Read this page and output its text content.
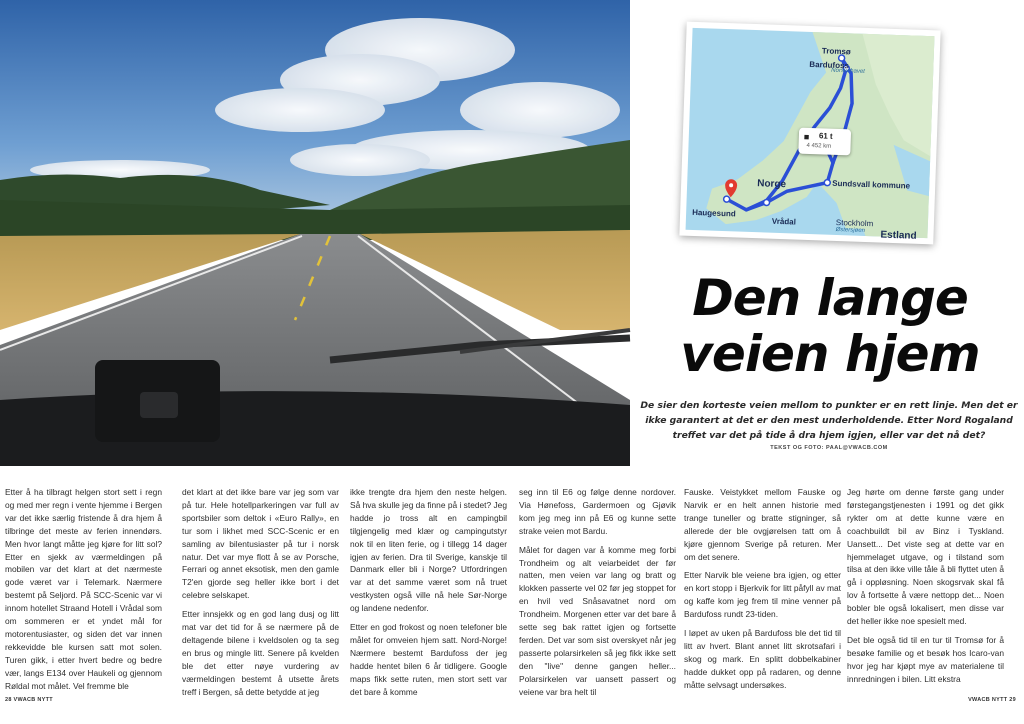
Norskehavet
Tromsø
Bardufoss
Norge	Sundsvall kommune
Haugesund
Vrådal	Stockholm
Estland
Østersjøen
■ 61 t
4 452 km
Den lange
veien hjem
De sier den korteste veien mellom to punkter er en rett linje. Men det er ikke garantert at det er den mest underholdende. Etter Nord Rogaland treffet var det på tide å dra hjem igjen, eller var det nå det?
TEKST OG FOTO: PAAL@VWACB.COM

Etter å ha tilbragt helgen stort sett i regn og med mer regn i vente hjemme i Bergen var det ikke særlig fristende å dra hjem å tilbringe det meste av ferien innendørs. Men hvor langt måtte jeg kjøre for litt sol? Etter en sjekk av værmeldingen på mobilen var det klart at det nærmeste gode været var i Telemark. Nærmere bestemt på Seljord. På SCC-Scenic var vi innom hotellet Straand Hotell i Vrådal som om sommeren er et yndet mål for motorentusiaster, og siden det var innen rekkevidde ble kursen satt mot solen. Turen gikk, i etter hvert bedre og bedre vær, langs E134 over Haukeli og gjennom Røldal mot målet. Vel fremme ble

det klart at det ikke bare var jeg som var på tur. Hele hotellparkeringen var full av sportsbiler som deltok i «Euro Rally», en tur som i likhet med SCC-Scenic er en samling av bilentusiaster på tur i norsk natur. Det var mye flott å se av Porsche, Ferrari og annet eksotisk, men den gamle T2'en gjorde seg heller ikke bort i det celebre selskapet.

Etter innsjekk og en god lang dusj og litt mat var det tid for å se nærmere på de deltagende bilene i kveldsolen og ta seg en brus og mingle litt. Senere på kvelden ble det etter nøye vurdering av værmeldingen bestemt å utsette årets treff i Bergen, så dette betydde at jeg

ikke trengte dra hjem den neste helgen. Så hva skulle jeg da finne på i stedet? Jeg hadde jo tross alt en campingbil tilgjengelig med klær og campingutstyr nok til en liten ferie, og i tillegg 14 dager igjen av ferien. Dra til Sverige, kanskje til Danmark eller bli i Norge? Utfordringen var at det samme været som nå truet vestkysten også ville nå hele Sør-Norge og landene nedenfor.

Etter en god frokost og noen telefoner ble målet for omveien hjem satt. Nord-Norge! Nærmere bestemt Bardufoss der jeg hadde hentet bilen 6 år tidligere. Google maps fikk sette ruten, men stort sett var det bare å komme

seg inn til E6 og følge denne nordover. Via Hønefoss, Gardermoen og Gjøvik kom jeg meg inn på E6 og kunne sette strake veien mot Bardu.

Målet for dagen var å komme meg forbi Trondheim og alt veiarbeidet der før natten, men veien var lang og bratt og klokken passerte vel 02 før jeg stoppet for en hvil ved Snåsavatnet nord om Trondheim. Morgenen etter var det bare å sette seg bak rattet igjen og fortsette ferden. Det var som sist overskyet når jeg passerte polarsirkelen så jeg fikk ikke sett den "live" denne gangen heller... Polarsirkelen var uansett passert og veiene var bra helt til

Fauske. Veistykket mellom Fauske og Narvik er en helt annen historie med trange tuneller og bratte stigninger, så allerede der ble ovgjørelsen tatt om å kjøre gjennom Sverige på returen. Mer om det senere.

Etter Narvik ble veiene bra igjen, og etter en kort stopp i Bjerkvik for litt påfyll av mat og kaffe kom jeg frem til mine venner på Bardufoss rundt 23-tiden.

I løpet av uken på Bardufoss ble det tid til litt av hvert. Blant annet litt skrotsafari i skog og mark. En splitt dobbelkabiner hadde dukket opp på radaren, og denne måtte selvsagt undersøkes.

Jeg hørte om denne første gang under førstegangstjenesten i 1991 og det gikk rykter om at dette kunne være en coachbuildt bil av Binz i Tyskland. Uansett... Det viste seg at dette var en hjemmelaget utgave, og i tilstand som tilsa at den ikke ville tåle å bli flyttet uten å gå i oppløsning. Noen skogsrvak skal få lov å fortsette å være nettopp det... Noen bobler ble også lokalisert, men disse var det heller ikke noe spesielt med.

Det ble også tid til en tur til Tromsø for å besøke familie og et besøk hos Icaro-van hvor jeg har kjøpt mye av materialene til innredningen i bilen. Litt ekstra

28 VWACB NYTT	VWACB NYTT 29
